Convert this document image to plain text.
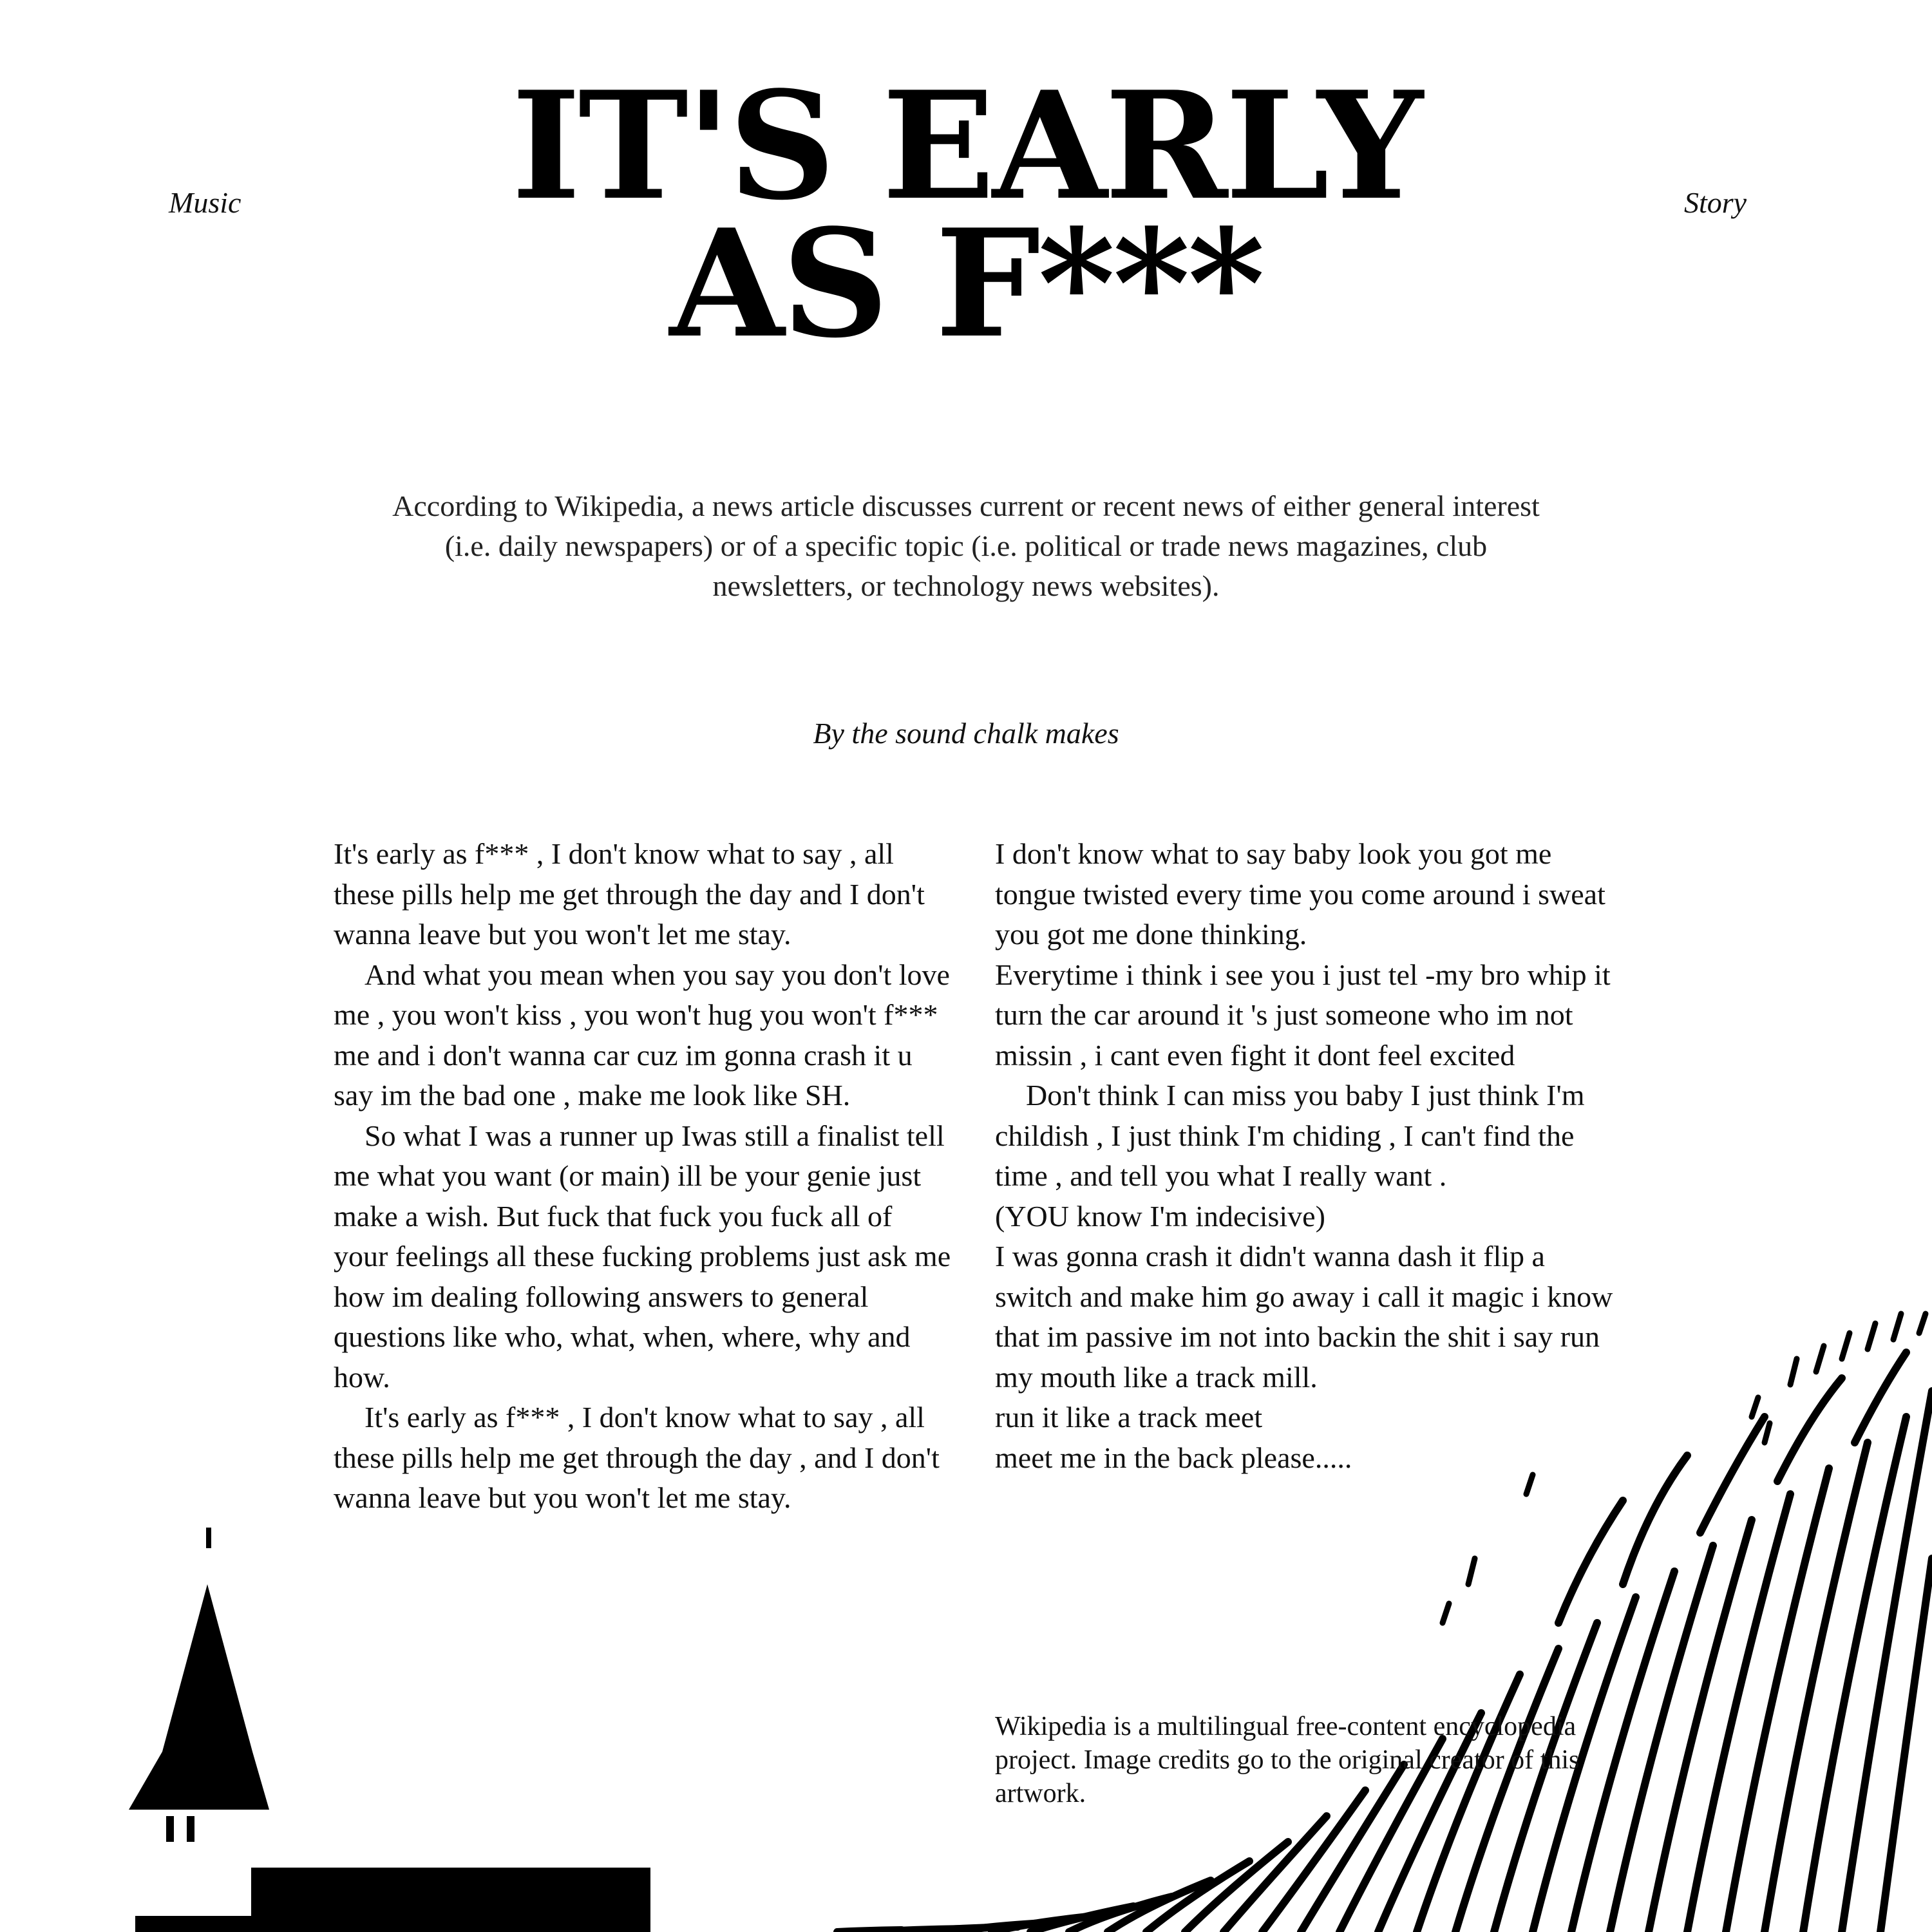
Music	Story
IT'S EARLY
AS F***

According to Wikipedia, a news article discusses current or recent news of either general interest (i.e. daily newspapers) or of a specific topic (i.e. political or trade news magazines, club newsletters, or technology news websites).

By the sound chalk makes

It's early as f*** , I don't know what to say , all these pills help me get through the day and I don't wanna leave but you won't let me stay.

And what you mean when you say you don't love me , you won't kiss , you won't hug you won't f*** me and i don't wanna car cuz im gonna crash it u say im the bad one , make me look like SH.

So what I was a runner up Iwas still a finalist tell me what you want (or main) ill be your genie just make a wish. But fuck that fuck you fuck all of your feelings all these fucking problems just ask me how im dealing following answers to general questions like who, what, when, where, why and how.

It's early as f*** , I don't know what to say , all these pills help me get through the day , and I don't wanna leave but you won't let me stay.

I don't know what to say baby look you got me tongue twisted every time you come around i sweat you got me done thinking.

Everytime i think i see you i just tel -my bro whip it turn the car around it 's just someone who im not missin , i cant even fight it dont feel excited

Don't think I can miss you baby I just think I'm childish , I just think I'm chiding , I can't find the time , and tell you what I really want .

(YOU know I'm indecisive)

I was gonna crash it didn't wanna dash it flip a switch and make him go away i call it magic i know that im passive im not into backin the shit i say run my mouth like a track mill.

run it like a track meet

meet me in the back please.....

Wikipedia is a multilingual free-content encyclopedia project. Image credits go to the original creator of this artwork.
